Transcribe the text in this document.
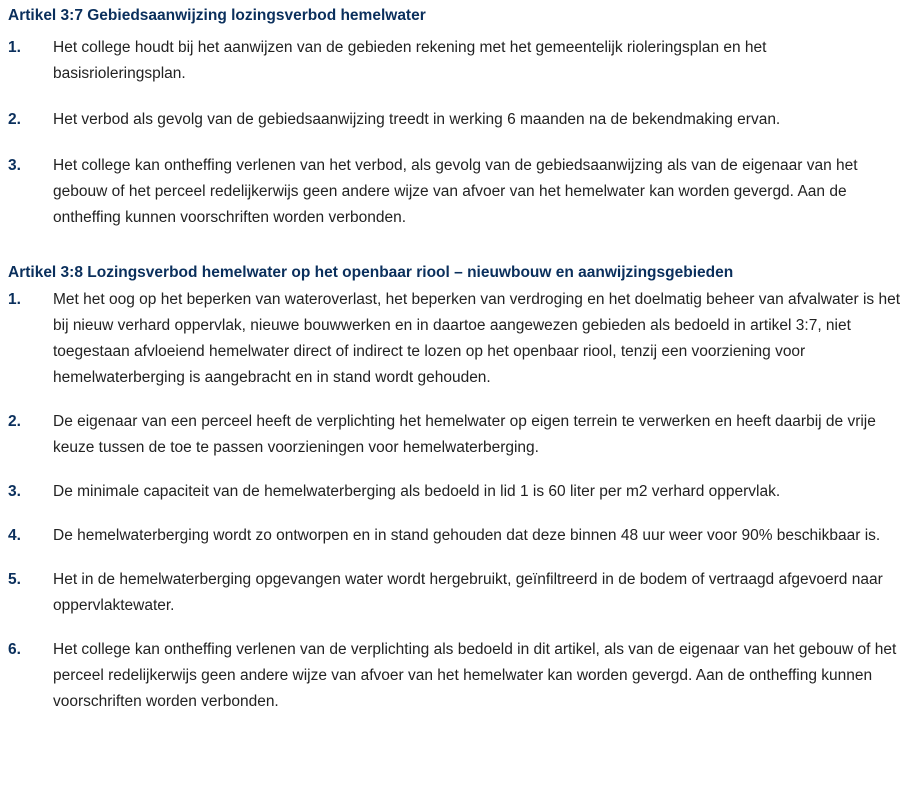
Artikel 3:7 Gebiedsaanwijzing lozingsverbod hemelwater
1.	Het college houdt bij het aanwijzen van de gebieden rekening met het gemeentelijk rioleringsplan en het basisrioleringsplan.
2.	Het verbod als gevolg van de gebiedsaanwijzing treedt in werking 6 maanden na de bekendmaking ervan.
3.	Het college kan ontheffing verlenen van het verbod, als gevolg van de gebiedsaanwijzing als van de eigenaar van het gebouw of het perceel redelijkerwijs geen andere wijze van afvoer van het hemelwater kan worden gevergd. Aan de ontheffing kunnen voorschriften worden verbonden.
Artikel 3:8 Lozingsverbod hemelwater op het openbaar riool – nieuwbouw en aanwijzingsgebieden
1.	Met het oog op het beperken van wateroverlast, het beperken van verdroging en het doelmatig beheer van afvalwater is het bij nieuw verhard oppervlak, nieuwe bouwwerken en in daartoe aangewezen gebieden als bedoeld in artikel 3:7, niet toegestaan afvloeiend hemelwater direct of indirect te lozen op het openbaar riool, tenzij een voorziening voor hemelwaterberging is aangebracht en in stand wordt gehouden.
2.	De eigenaar van een perceel heeft de verplichting het hemelwater op eigen terrein te verwerken en heeft daarbij de vrije keuze tussen de toe te passen voorzieningen voor hemelwaterberging.
3.	De minimale capaciteit van de hemelwaterberging als bedoeld in lid 1 is 60 liter per m2 verhard oppervlak.
4.	De hemelwaterberging wordt zo ontworpen en in stand gehouden dat deze binnen 48 uur weer voor 90% beschikbaar is.
5.	Het in de hemelwaterberging opgevangen water wordt hergebruikt, geïnfiltreerd in de bodem of vertraagd afgevoerd naar oppervlaktewater.
6.	Het college kan ontheffing verlenen van de verplichting als bedoeld in dit artikel, als van de eigenaar van het gebouw of het perceel redelijkerwijs geen andere wijze van afvoer van het hemelwater kan worden gevergd. Aan de ontheffing kunnen voorschriften worden verbonden.
